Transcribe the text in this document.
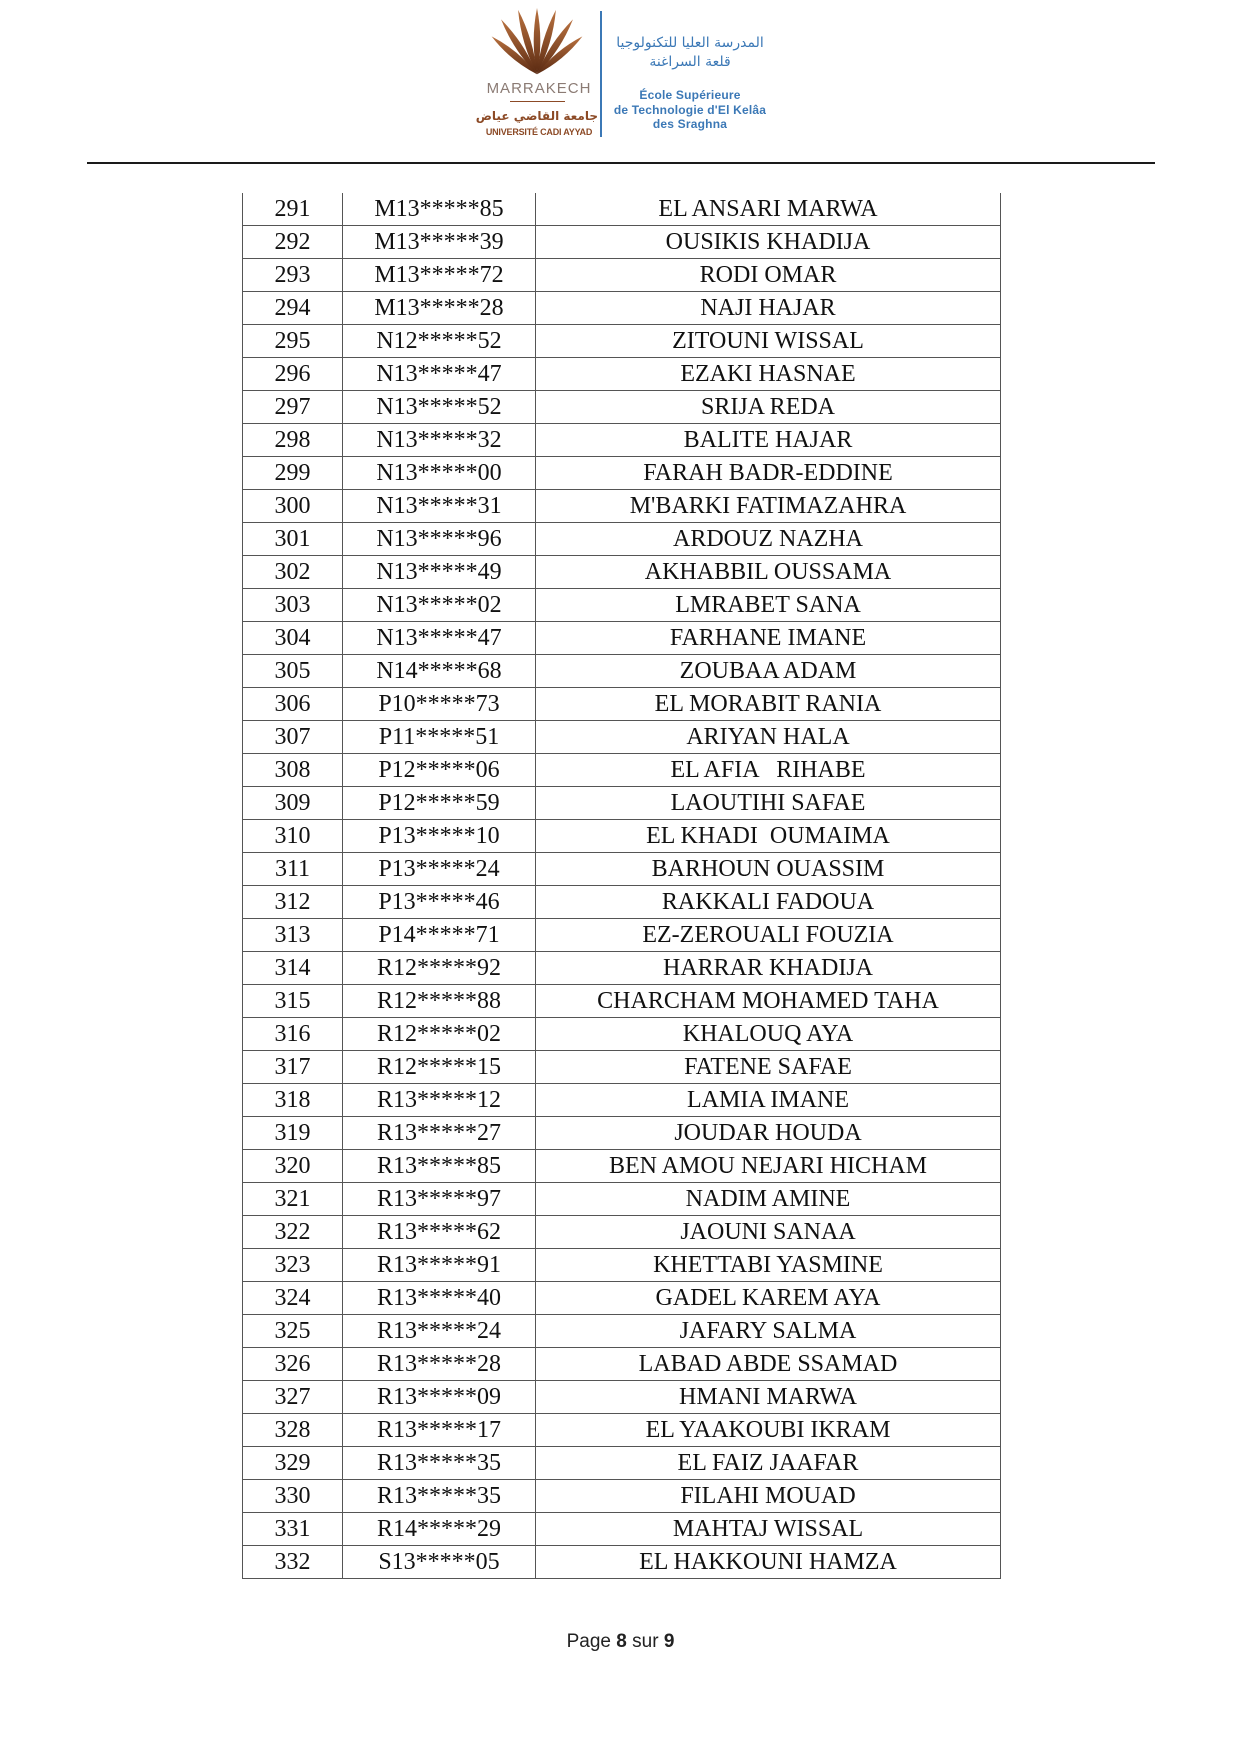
MARRAKECH
جامعة القاضي عياض
UNIVERSITÉ CADI AYYAD
المدرسة العليا للتكنولوجيا
قلعة السراغنة
École Supérieure
de Technologie d'El Kelâa
des Sraghna
291	M13*****85	EL ANSARI MARWA
292	M13*****39	OUSIKIS KHADIJA
293	M13*****72	RODI OMAR
294	M13*****28	NAJI HAJAR
295	N12*****52	ZITOUNI WISSAL
296	N13*****47	EZAKI HASNAE
297	N13*****52	SRIJA REDA
298	N13*****32	BALITE HAJAR
299	N13*****00	FARAH BADR-EDDINE
300	N13*****31	M'BARKI FATIMAZAHRA
301	N13*****96	ARDOUZ NAZHA
302	N13*****49	AKHABBIL OUSSAMA
303	N13*****02	LMRABET SANA
304	N13*****47	FARHANE IMANE
305	N14*****68	ZOUBAA ADAM
306	P10*****73	EL MORABIT RANIA
307	P11*****51	ARIYAN HALA
308	P12*****06	EL AFIA   RIHABE
309	P12*****59	LAOUTIHI SAFAE
310	P13*****10	EL KHADI  OUMAIMA
311	P13*****24	BARHOUN OUASSIM
312	P13*****46	RAKKALI FADOUA
313	P14*****71	EZ-ZEROUALI FOUZIA
314	R12*****92	HARRAR KHADIJA
315	R12*****88	CHARCHAM MOHAMED TAHA
316	R12*****02	KHALOUQ AYA
317	R12*****15	FATENE SAFAE
318	R13*****12	LAMIA IMANE
319	R13*****27	JOUDAR HOUDA
320	R13*****85	BEN AMOU NEJARI HICHAM
321	R13*****97	NADIM AMINE
322	R13*****62	JAOUNI SANAA
323	R13*****91	KHETTABI YASMINE
324	R13*****40	GADEL KAREM AYA
325	R13*****24	JAFARY SALMA
326	R13*****28	LABAD ABDE SSAMAD
327	R13*****09	HMANI MARWA
328	R13*****17	EL YAAKOUBI IKRAM
329	R13*****35	EL FAIZ JAAFAR
330	R13*****35	FILAHI MOUAD
331	R14*****29	MAHTAJ WISSAL
332	S13*****05	EL HAKKOUNI HAMZA
Page 8 sur 9
